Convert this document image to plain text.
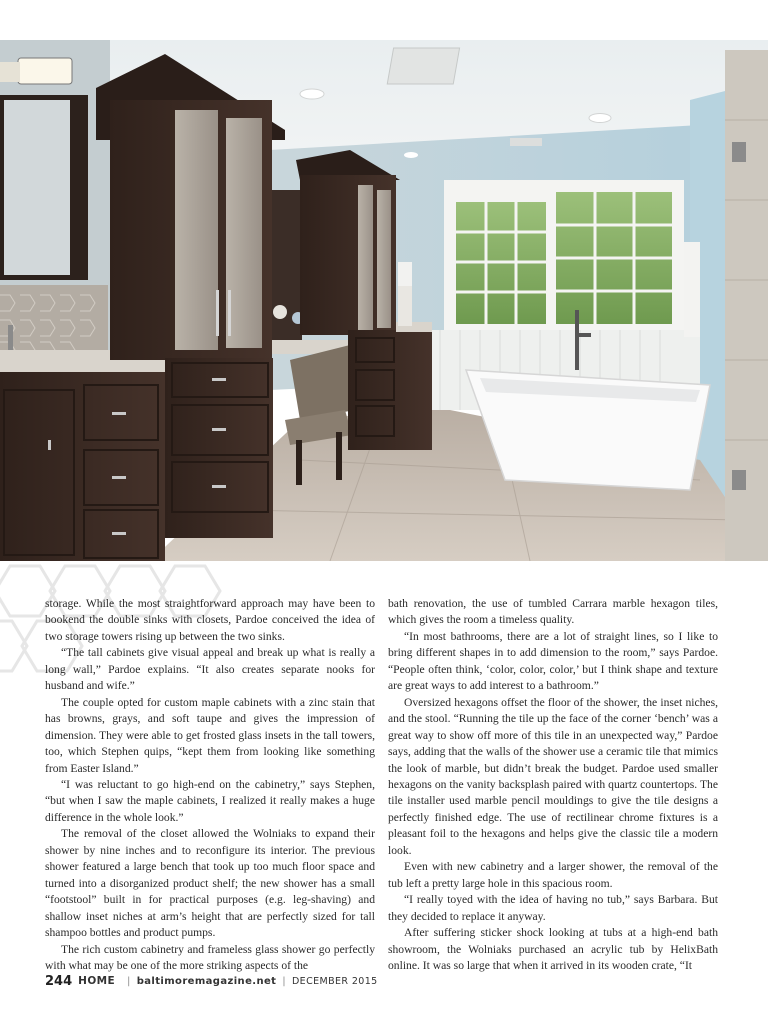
storage. While the most straightforward approach may have been to bookend the double sinks with closets, Pardoe conceived the idea of two storage towers rising up between the two sinks.

“The tall cabinets give visual appeal and break up what is really a long wall,” Pardoe explains. “It also creates separate nooks for husband and wife.”

The couple opted for custom maple cabinets with a zinc stain that has browns, grays, and soft taupe and gives the impression of dimension. They were able to get frosted glass insets in the tall towers, too, which Stephen quips, “kept them from looking like something from Easter Island.”

“I was reluctant to go high-end on the cabinetry,” says Stephen, “but when I saw the maple cabinets, I realized it really makes a huge difference in the whole look.”

The removal of the closet allowed the Wolniaks to expand their shower by nine inches and to reconfigure its interior. The previous shower featured a large bench that took up too much floor space and turned into a disorganized product shelf; the new shower has a small “footstool” built in for practical purposes (e.g. leg-shaving) and shallow inset niches at arm’s height that are perfectly sized for tall shampoo bottles and product pumps.

The rich custom cabinetry and frameless glass shower go perfectly with what may be one of the more striking aspects of the

bath renovation, the use of tumbled Carrara marble hexagon tiles, which gives the room a timeless quality.

“In most bathrooms, there are a lot of straight lines, so I like to bring different shapes in to add dimension to the room,” says Pardoe. “People often think, ‘color, color, color,’ but I think shape and texture are great ways to add interest to a bathroom.”

Oversized hexagons offset the floor of the shower, the inset niches, and the stool. “Running the tile up the face of the corner ‘bench’ was a great way to show off more of this tile in an unexpected way,” Pardoe says, adding that the walls of the shower use a ceramic tile that mimics the look of marble, but didn’t break the budget. Pardoe used smaller hexagons on the vanity backsplash paired with quartz countertops. The tile installer used marble pencil mouldings to give the tile designs a perfectly finished edge. The use of rectilinear chrome fixtures is a pleasant foil to the hexagons and helps give the classic tile a modern look.

Even with new cabinetry and a larger shower, the removal of the tub left a pretty large hole in this spacious room.

“I really toyed with the idea of having no tub,” says Barbara. But they decided to replace it anyway.

After suffering sticker shock looking at tubs at a high-end bath showroom, the Wolniaks purchased an acrylic tub by HelixBath online. It was so large that when it arrived in its wooden crate, “It

244 HOME | baltimoremagazine.net | DECEMBER 2015
